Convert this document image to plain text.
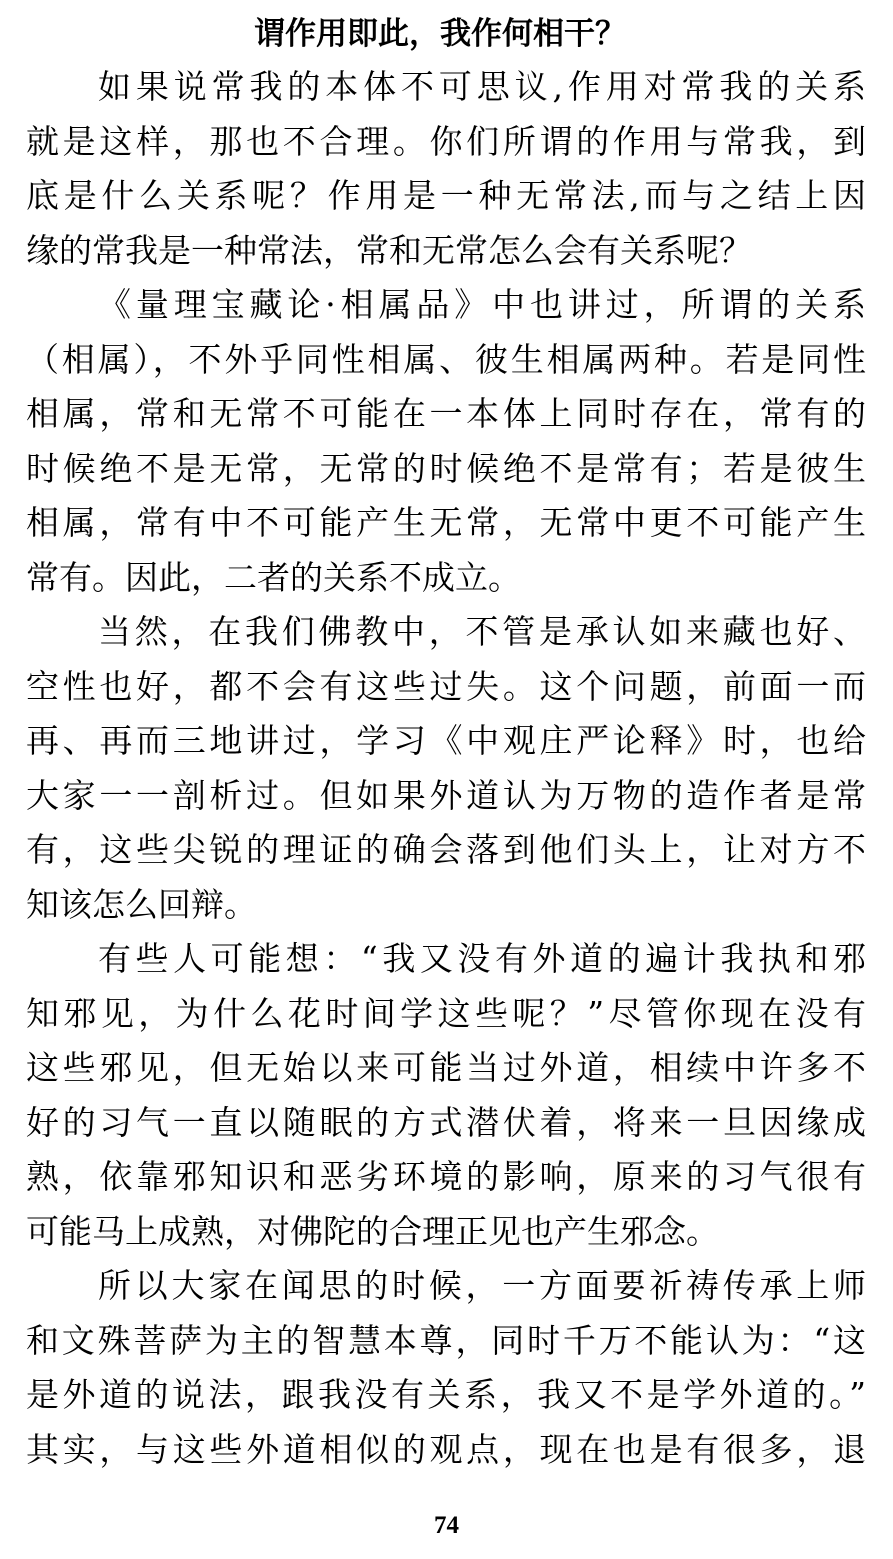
谓作用即此，我作何相干？
如果说常我的本体不可思议,作用对常我的关系
就是这样，那也不合理。你们所谓的作用与常我，到
底是什么关系呢？作用是一种无常法,而与之结上因
缘的常我是一种常法，常和无常怎么会有关系呢？
《量理宝藏论·相属品》中也讲过，所谓的关系
（相属），不外乎同性相属、彼生相属两种。若是同性
相属，常和无常不可能在一本体上同时存在，常有的
时候绝不是无常，无常的时候绝不是常有；若是彼生
相属，常有中不可能产生无常，无常中更不可能产生
常有。因此，二者的关系不成立。
当然，在我们佛教中，不管是承认如来藏也好、
空性也好，都不会有这些过失。这个问题，前面一而
再、再而三地讲过，学习《中观庄严论释》时，也给
大家一一剖析过。但如果外道认为万物的造作者是常
有，这些尖锐的理证的确会落到他们头上，让对方不
知该怎么回辩。
有些人可能想：“我又没有外道的遍计我执和邪
知邪见，为什么花时间学这些呢？”尽管你现在没有
这些邪见，但无始以来可能当过外道，相续中许多不
好的习气一直以随眠的方式潜伏着，将来一旦因缘成
熟，依靠邪知识和恶劣环境的影响，原来的习气很有
可能马上成熟，对佛陀的合理正见也产生邪念。
所以大家在闻思的时候，一方面要祈祷传承上师
和文殊菩萨为主的智慧本尊，同时千万不能认为：“这
是外道的说法，跟我没有关系，我又不是学外道的。”
其实，与这些外道相似的观点，现在也是有很多，退
74
